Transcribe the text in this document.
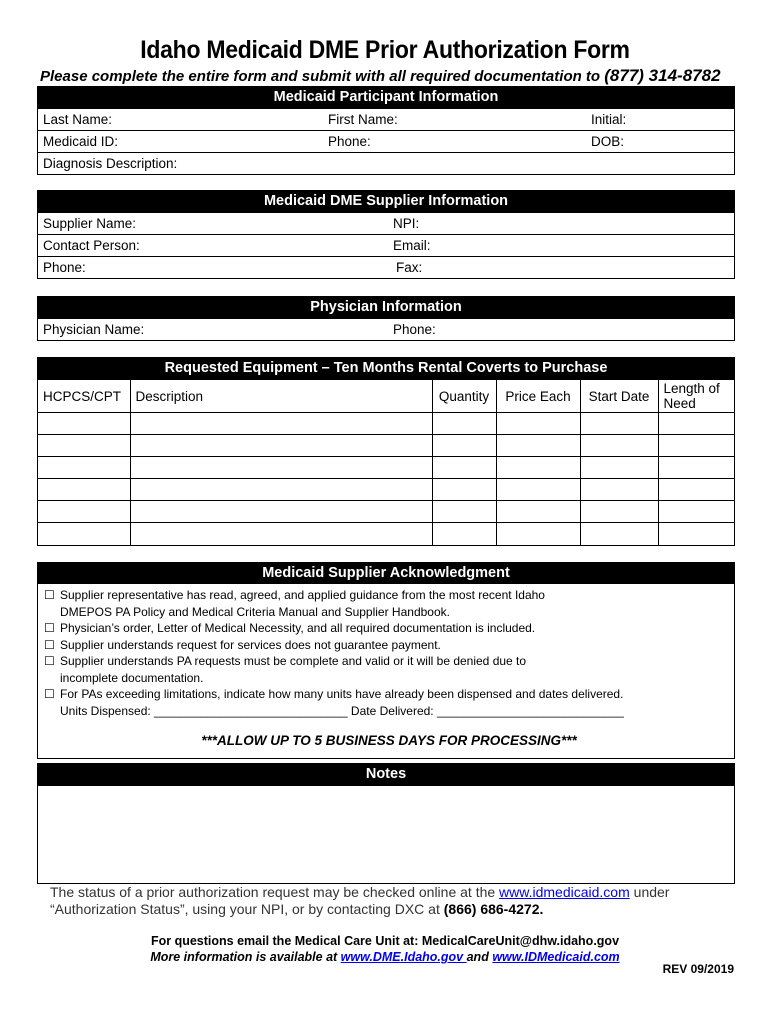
Idaho Medicaid DME Prior Authorization Form
Please complete the entire form and submit with all required documentation to (877) 314-8782
Medicaid Participant Information
Last Name:	First Name:	Initial:
Medicaid ID:	Phone:	DOB:
Diagnosis Description:
Medicaid DME Supplier Information
Supplier Name:	NPI:
Contact Person:	Email:
Phone:	Fax:
Physician Information
Physician Name:	Phone:
Requested Equipment – Ten Months Rental Coverts to Purchase
HCPCS/CPT	Description	Quantity	Price Each	Start Date	Length of Need

Medicaid Supplier Acknowledgment
☐ Supplier representative has read, agreed, and applied guidance from the most recent Idaho
DMEPOS PA Policy and Medical Criteria Manual and Supplier Handbook.
☐ Physician’s order, Letter of Medical Necessity, and all required documentation is included.
☐ Supplier understands request for services does not guarantee payment.
☐ Supplier understands PA requests must be complete and valid or it will be denied due to
incomplete documentation.
☐ For PAs exceeding limitations, indicate how many units have already been dispensed and dates delivered.
Units Dispensed: _____________________________ Date Delivered: ____________________________
***ALLOW UP TO 5 BUSINESS DAYS FOR PROCESSING***
Notes
The status of a prior authorization request may be checked online at the www.idmedicaid.com under “Authorization Status”, using your NPI, or by contacting DXC at (866) 686-4272.
For questions email the Medical Care Unit at: MedicalCareUnit@dhw.idaho.gov
More information is available at www.DME.Idaho.gov and www.IDMedicaid.com
REV 09/2019
